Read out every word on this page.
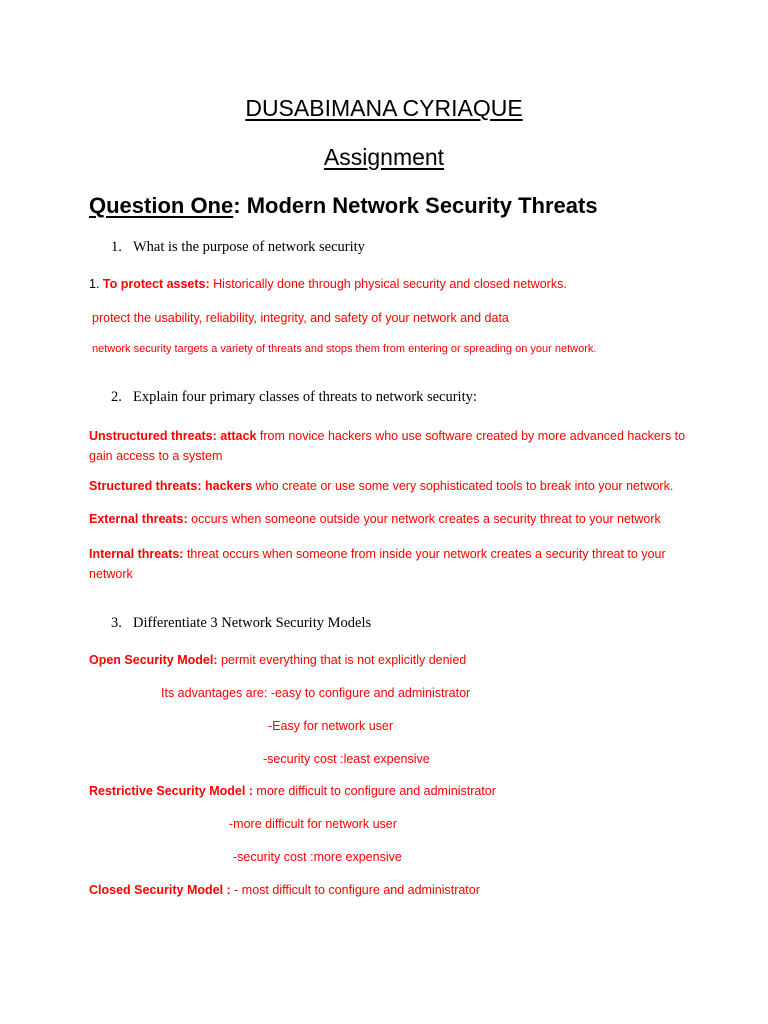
DUSABIMANA CYRIAQUE

Assignment

Question One: Modern Network Security Threats

1. What is the purpose of network security

1. To protect assets: Historically done through physical security and closed networks.

protect the usability, reliability, integrity, and safety of your network and data

network security targets a variety of threats and stops them from entering or spreading on your network.

2. Explain four primary classes of threats to network security:

Unstructured threats: attack from novice hackers who use software created by more advanced hackers to gain access to a system

Structured threats: hackers who create or use some very sophisticated tools to break into your network.

External threats: occurs when someone outside your network creates a security threat to your network

Internal threats: threat occurs when someone from inside your network creates a security threat to your network

3. Differentiate 3 Network Security Models

Open Security Model: permit everything that is not explicitly denied

Its advantages are: -easy to configure and administrator

-Easy for network user

-security cost :least expensive

Restrictive Security Model : more difficult to configure and administrator

-more difficult for network user

-security cost :more expensive

Closed Security Model : - most difficult to configure and administrator
